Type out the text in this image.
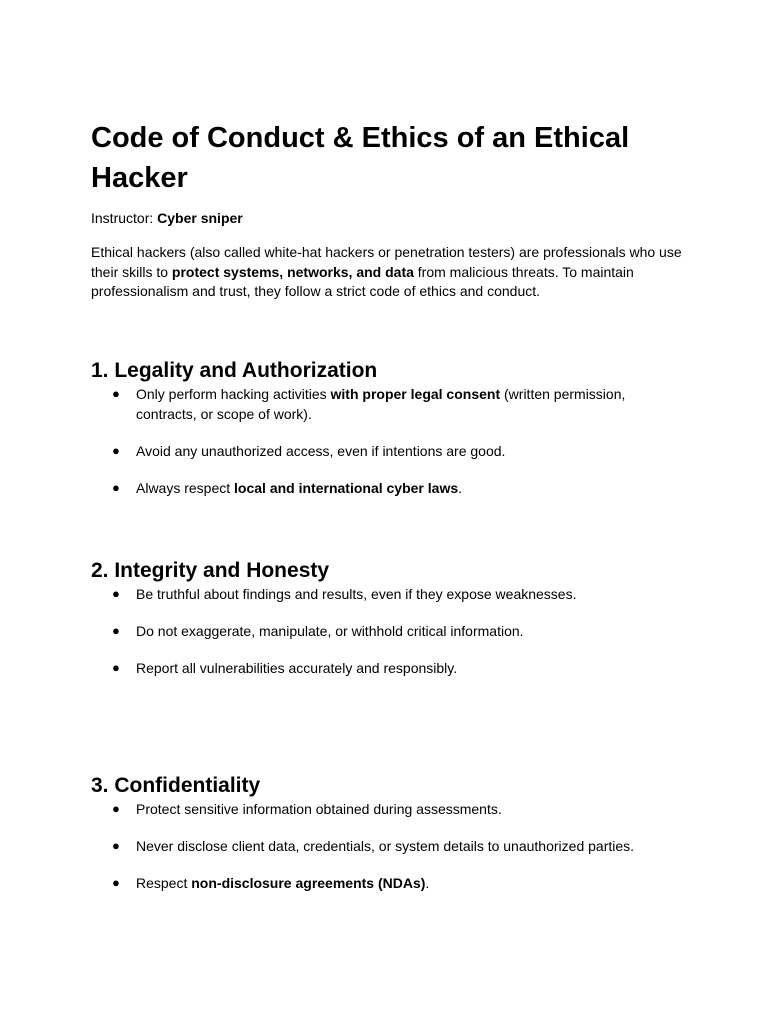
Code of Conduct & Ethics of an Ethical Hacker

Instructor: Cyber sniper

Ethical hackers (also called white-hat hackers or penetration testers) are professionals who use their skills to protect systems, networks, and data from malicious threats. To maintain professionalism and trust, they follow a strict code of ethics and conduct.

1. Legality and Authorization
● Only perform hacking activities with proper legal consent (written permission, contracts, or scope of work).
● Avoid any unauthorized access, even if intentions are good.
● Always respect local and international cyber laws.
2. Integrity and Honesty
● Be truthful about findings and results, even if they expose weaknesses.
● Do not exaggerate, manipulate, or withhold critical information.
● Report all vulnerabilities accurately and responsibly.
3. Confidentiality
● Protect sensitive information obtained during assessments.
● Never disclose client data, credentials, or system details to unauthorized parties.
● Respect non-disclosure agreements (NDAs).
